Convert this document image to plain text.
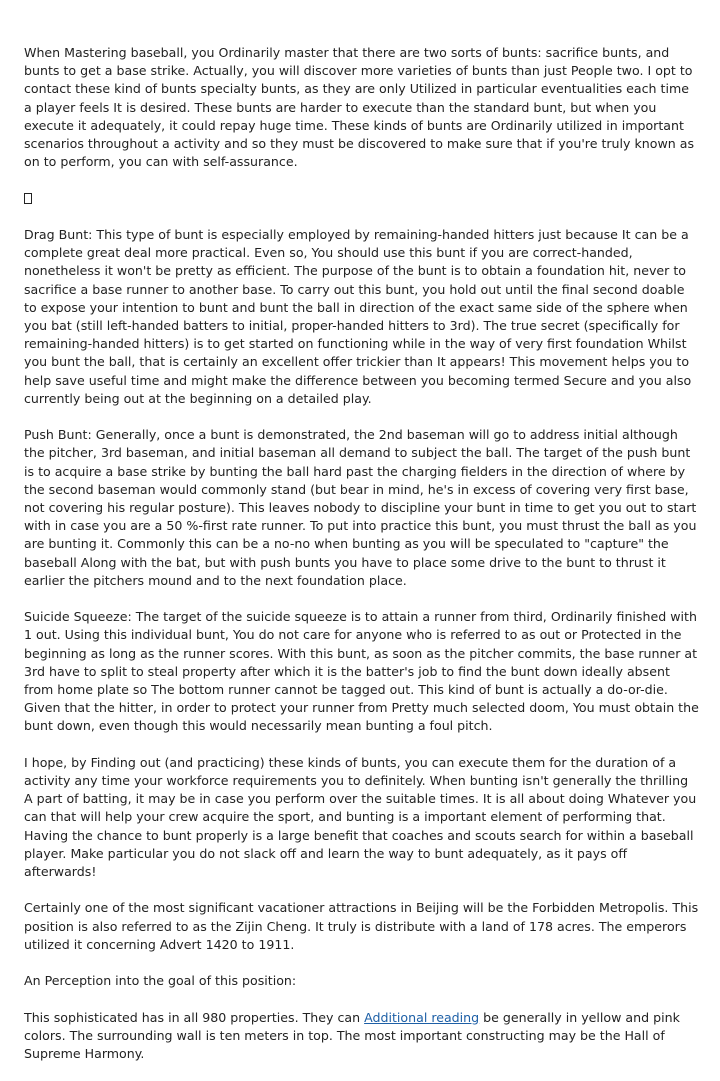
When Mastering baseball, you Ordinarily master that there are two sorts of bunts: sacrifice bunts, and bunts to get a base strike. Actually, you will discover more varieties of bunts than just People two. I opt to contact these kind of bunts specialty bunts, as they are only Utilized in particular eventualities each time a player feels It is desired. These bunts are harder to execute than the standard bunt, but when you execute it adequately, it could repay huge time. These kinds of bunts are Ordinarily utilized in important scenarios throughout a activity and so they must be discovered to make sure that if you're truly known as on to perform, you can with self-assurance.

Drag Bunt: This type of bunt is especially employed by remaining-handed hitters just because It can be a complete great deal more practical. Even so, You should use this bunt if you are correct-handed, nonetheless it won't be pretty as efficient. The purpose of the bunt is to obtain a foundation hit, never to sacrifice a base runner to another base. To carry out this bunt, you hold out until the final second doable to expose your intention to bunt and bunt the ball in direction of the exact same side of the sphere when you bat (still left-handed batters to initial, proper-handed hitters to 3rd). The true secret (specifically for remaining-handed hitters) is to get started on functioning while in the way of very first foundation Whilst you bunt the ball, that is certainly an excellent offer trickier than It appears! This movement helps you to help save useful time and might make the difference between you becoming termed Secure and you also currently being out at the beginning on a detailed play.

Push Bunt: Generally, once a bunt is demonstrated, the 2nd baseman will go to address initial although the pitcher, 3rd baseman, and initial baseman all demand to subject the ball. The target of the push bunt is to acquire a base strike by bunting the ball hard past the charging fielders in the direction of where by the second baseman would commonly stand (but bear in mind, he's in excess of covering very first base, not covering his regular posture). This leaves nobody to discipline your bunt in time to get you out to start with in case you are a 50 %-first rate runner. To put into practice this bunt, you must thrust the ball as you are bunting it. Commonly this can be a no-no when bunting as you will be speculated to "capture" the baseball Along with the bat, but with push bunts you have to place some drive to the bunt to thrust it earlier the pitchers mound and to the next foundation place.

Suicide Squeeze: The target of the suicide squeeze is to attain a runner from third, Ordinarily finished with 1 out. Using this individual bunt, You do not care for anyone who is referred to as out or Protected in the beginning as long as the runner scores. With this bunt, as soon as the pitcher commits, the base runner at 3rd have to split to steal property after which it is the batter's job to find the bunt down ideally absent from home plate so The bottom runner cannot be tagged out. This kind of bunt is actually a do-or-die. Given that the hitter, in order to protect your runner from Pretty much selected doom, You must obtain the bunt down, even though this would necessarily mean bunting a foul pitch.

I hope, by Finding out (and practicing) these kinds of bunts, you can execute them for the duration of a activity any time your workforce requirements you to definitely. When bunting isn't generally the thrilling A part of batting, it may be in case you perform over the suitable times. It is all about doing Whatever you can that will help your crew acquire the sport, and bunting is a important element of performing that. Having the chance to bunt properly is a large benefit that coaches and scouts search for within a baseball player. Make particular you do not slack off and learn the way to bunt adequately, as it pays off afterwards!

Certainly one of the most significant vacationer attractions in Beijing will be the Forbidden Metropolis. This position is also referred to as the Zijin Cheng. It truly is distribute with a land of 178 acres. The emperors utilized it concerning Advert 1420 to 1911.

An Perception into the goal of this position:

This sophisticated has in all 980 properties. They can Additional reading be generally in yellow and pink colors. The surrounding wall is ten meters in top. The most important constructing may be the Hall of Supreme Harmony.
